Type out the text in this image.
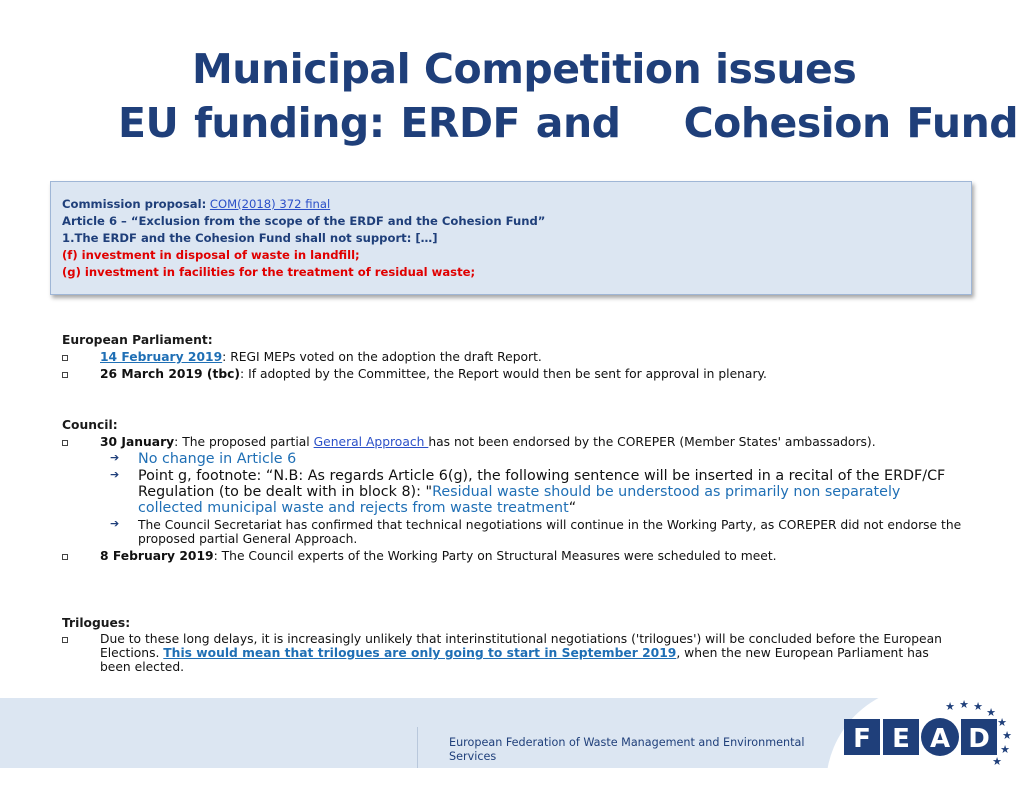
Municipal Competition issues
EU funding: ERDF and    Cohesion Fund
Commission proposal: COM(2018) 372 final
Article 6 – “Exclusion from the scope of the ERDF and the Cohesion Fund”
1.The ERDF and the Cohesion Fund shall not support: […]
(f) investment in disposal of waste in landfill;
(g) investment in facilities for the treatment of residual waste;
European Parliament:
14 February 2019: REGI MEPs voted on the adoption the draft Report.
26 March 2019 (tbc): If adopted by the Committee, the Report would then be sent for approval in plenary.
Council:
30 January: The proposed partial General Approach has not been endorsed by the COREPER (Member States' ambassadors).
➔ No change in Article 6
➔ Point g, footnote: “N.B: As regards Article 6(g), the following sentence will be inserted in a recital of the ERDF/CF Regulation (to be dealt with in block 8): "Residual waste should be understood as primarily non separately collected municipal waste and rejects from waste treatment“
➔ The Council Secretariat has confirmed that technical negotiations will continue in the Working Party, as COREPER did not endorse the proposed partial General Approach.
8 February 2019: The Council experts of the Working Party on Structural Measures were scheduled to meet.
Trilogues:
Due to these long delays, it is increasingly unlikely that interinstitutional negotiations ('trilogues') will be concluded before the European Elections. This would mean that trilogues are only going to start in September 2019, when the new European Parliament has been elected.
European Federation of Waste Management and Environmental Services
F E A D
★ ★ ★ ★
★
★
★
★
